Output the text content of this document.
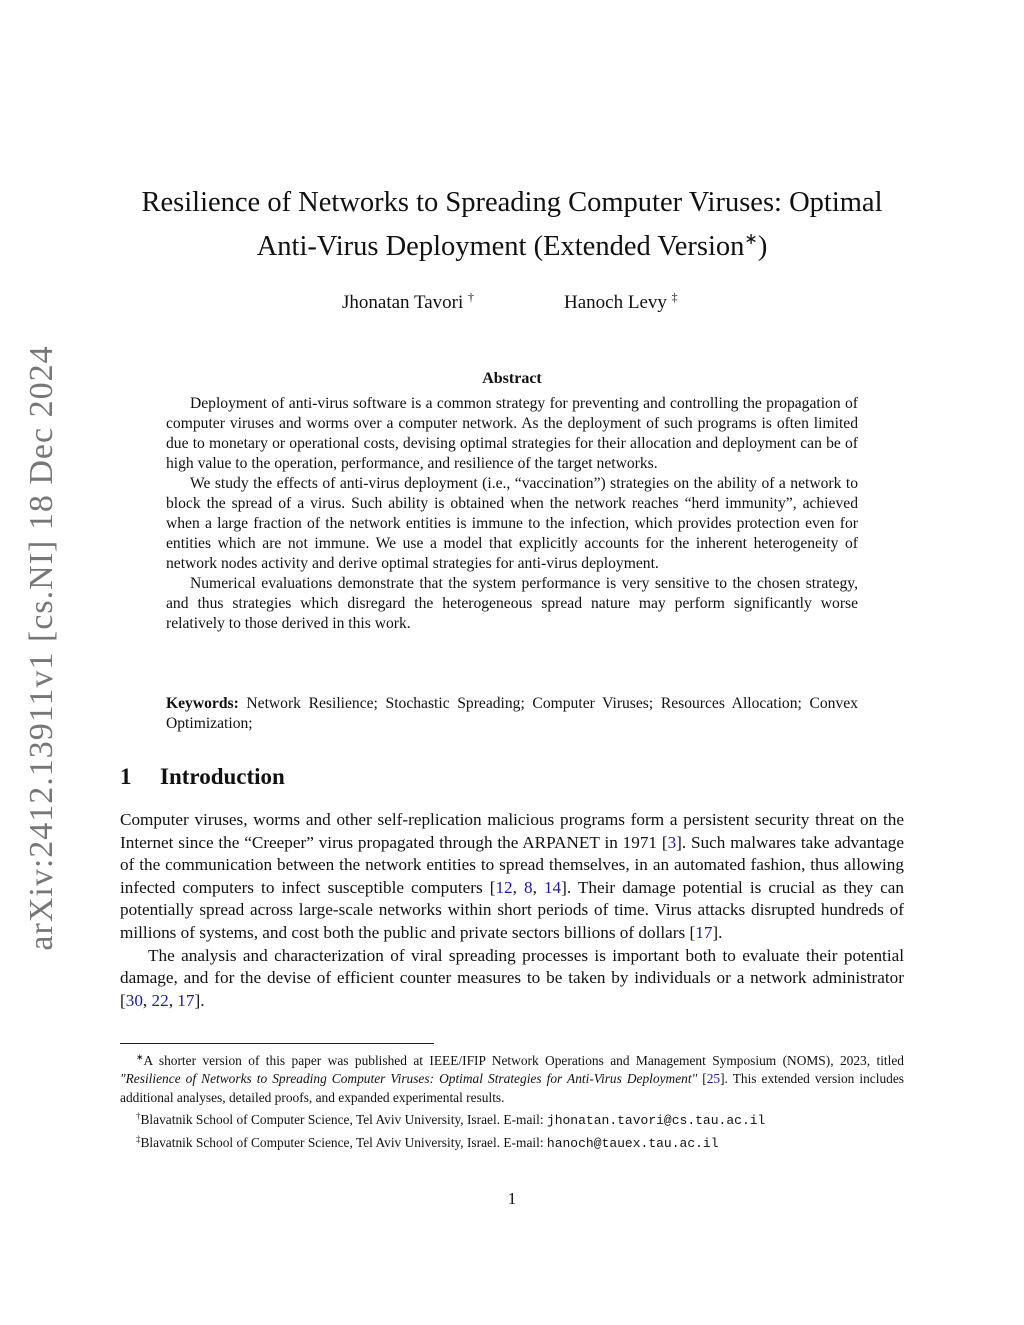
arXiv:2412.13911v1 [cs.NI] 18 Dec 2024
Resilience of Networks to Spreading Computer Viruses: Optimal
Anti-Virus Deployment (Extended Version∗)
Jhonatan Tavori †	Hanoch Levy ‡
Abstract

Deployment of anti-virus software is a common strategy for preventing and controlling the propagation of computer viruses and worms over a computer network. As the deployment of such programs is often limited due to monetary or operational costs, devising optimal strategies for their allocation and deployment can be of high value to the operation, performance, and resilience of the target networks.

We study the effects of anti-virus deployment (i.e., “vaccination”) strategies on the ability of a network to block the spread of a virus. Such ability is obtained when the network reaches “herd immunity”, achieved when a large fraction of the network entities is immune to the infection, which provides protection even for entities which are not immune. We use a model that explicitly accounts for the inherent heterogeneity of network nodes activity and derive optimal strategies for anti-virus deployment.

Numerical evaluations demonstrate that the system performance is very sensitive to the chosen strategy, and thus strategies which disregard the heterogeneous spread nature may perform significantly worse relatively to those derived in this work.

Keywords: Network Resilience; Stochastic Spreading; Computer Viruses; Resources Allocation; Convex Optimization;
1 Introduction

Computer viruses, worms and other self-replication malicious programs form a persistent security threat on the Internet since the “Creeper” virus propagated through the ARPANET in 1971 [3]. Such malwares take advantage of the communication between the network entities to spread themselves, in an automated fashion, thus allowing infected computers to infect susceptible computers [12, 8, 14]. Their damage potential is crucial as they can potentially spread across large-scale networks within short periods of time. Virus attacks disrupted hundreds of millions of systems, and cost both the public and private sectors billions of dollars [17].

The analysis and characterization of viral spreading processes is important both to evaluate their potential damage, and for the devise of efficient counter measures to be taken by individuals or a network administrator [30, 22, 17].

∗A shorter version of this paper was published at IEEE/IFIP Network Operations and Management Symposium (NOMS), 2023, titled "Resilience of Networks to Spreading Computer Viruses: Optimal Strategies for Anti-Virus Deployment" [25]. This extended version includes additional analyses, detailed proofs, and expanded experimental results.

†Blavatnik School of Computer Science, Tel Aviv University, Israel. E-mail: jhonatan.tavori@cs.tau.ac.il

‡Blavatnik School of Computer Science, Tel Aviv University, Israel. E-mail: hanoch@tauex.tau.ac.il

1
